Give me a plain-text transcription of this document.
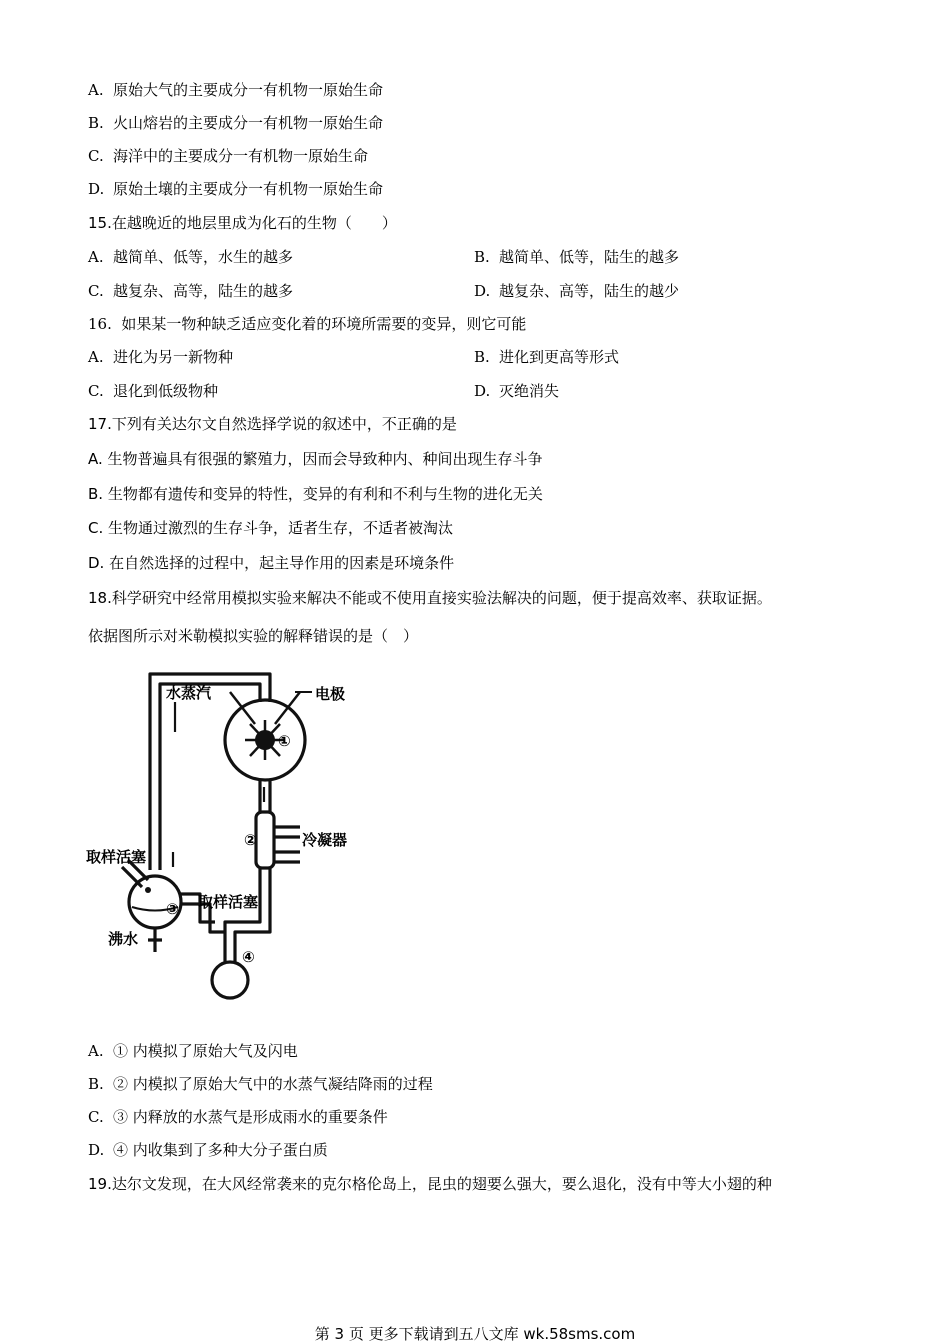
A. 原始大气的主要成分一有机物一原始生命
B. 火山熔岩的主要成分一有机物一原始生命
C. 海洋中的主要成分一有机物一原始生命
D. 原始土壤的主要成分一有机物一原始生命
15.在越晚近的地层里成为化石的生物（　　）
A. 越简单、低等，水生的越多	B. 越简单、低等，陆生的越多
C. 越复杂、高等，陆生的越多	D. 越复杂、高等，陆生的越少
16. 如果某一物种缺乏适应变化着的环境所需要的变异，则它可能
A. 进化为另一新物种	B. 进化到更高等形式
C. 退化到低级物种	D. 灭绝消失
17.下列有关达尔文自然选择学说的叙述中，不正确的是
A. 生物普遍具有很强的繁殖力，因而会导致种内、种间出现生存斗争
B. 生物都有遗传和变异的特性，变异的有利和不利与生物的进化无关
C. 生物通过激烈的生存斗争，适者生存，不适者被淘汰
D. 在自然选择的过程中，起主导作用的因素是环境条件
18.科学研究中经常用模拟实验来解决不能或不使用直接实验法解决的问题，便于提高效率、获取证据。
依据图所示对米勒模拟实验的解释错误的是（　）
水蒸汽	电极
①
②	冷凝器
取样活塞
③ 取样活塞
沸水
④
A. ① 内模拟了原始大气及闪电
B. ② 内模拟了原始大气中的水蒸气凝结降雨的过程
C. ③ 内释放的水蒸气是形成雨水的重要条件
D. ④ 内收集到了多种大分子蛋白质
19.达尔文发现，在大风经常袭来的克尔格伦岛上，昆虫的翅要么强大，要么退化，没有中等大小翅的种
第 3 页 更多下载请到五八文库 wk.58sms.com
